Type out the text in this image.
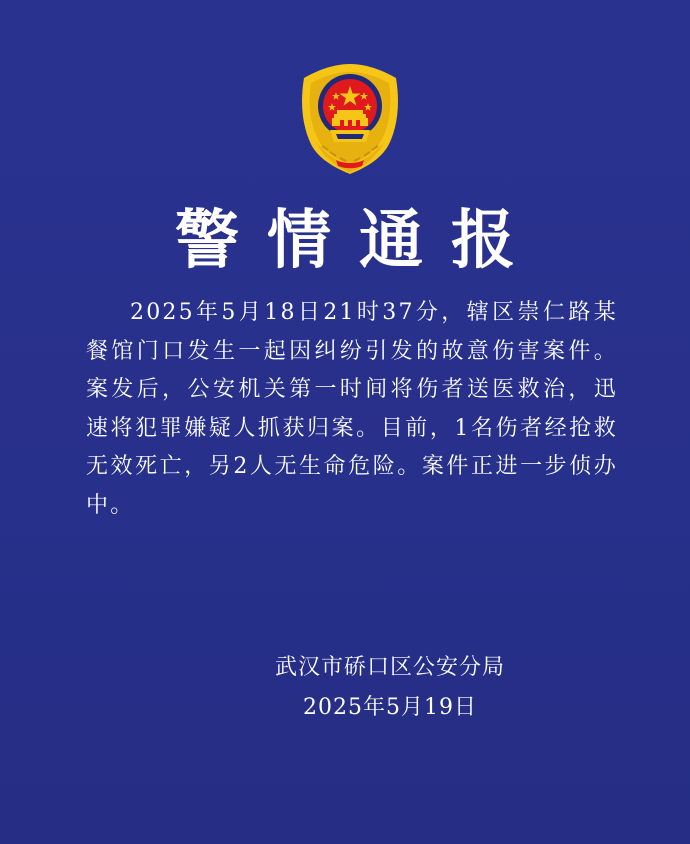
警情通报
2025年5月18日21时37分，辖区崇仁路某餐馆门口发生一起因纠纷引发的故意伤害案件。案发后，公安机关第一时间将伤者送医救治，迅速将犯罪嫌疑人抓获归案。目前，1名伤者经抢救无效死亡，另2人无生命危险。案件正进一步侦办中。
武汉市硚口区公安分局
2025年5月19日
